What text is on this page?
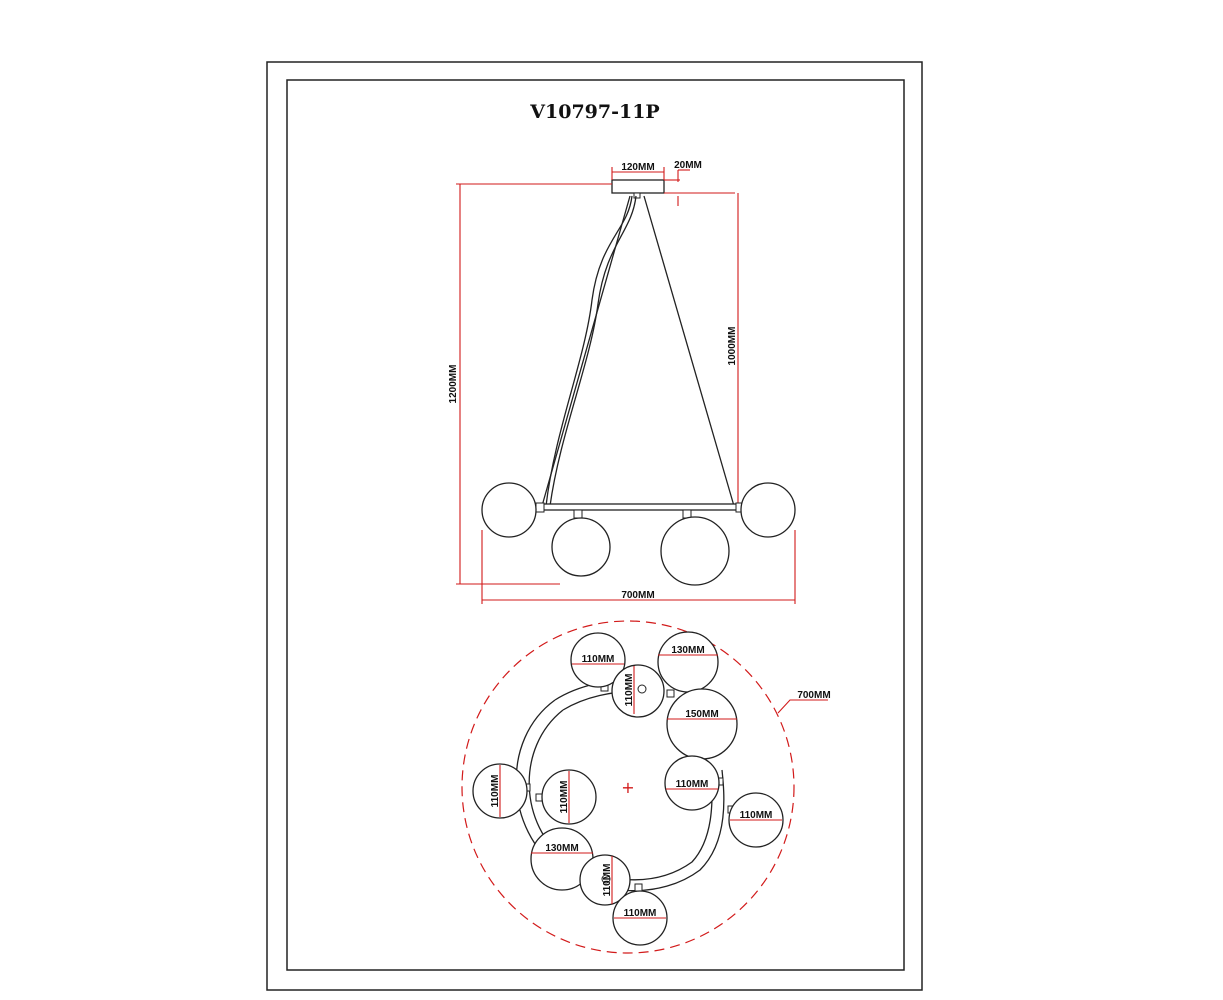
V10797-11P
120MM 20MM
1200MM
1000MM
700MM
+
700MM
110MM
130MM
110MM
150MM
110MM	110MM	110MM
110MM
130MM
110MM
110MM
